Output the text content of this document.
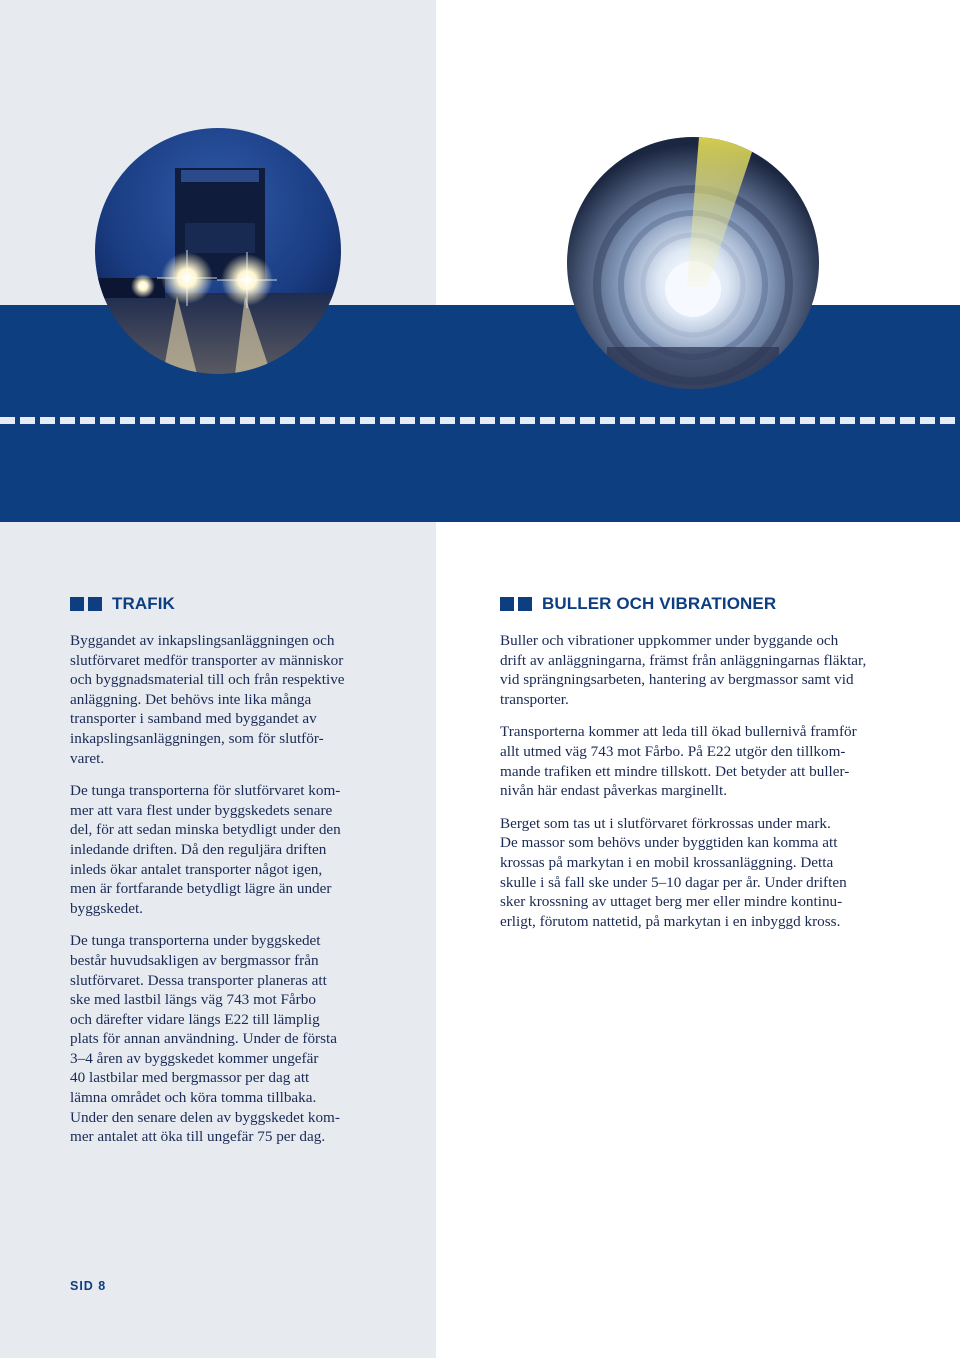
TRAFIK	BULLER OCH VIBRATIONER

Byggandet av inkapslingsanläggningen och
slutförvaret medför transporter av människor
och byggnadsmaterial till och från respektive
anläggning. Det behövs inte lika många
transporter i samband med byggandet av
inkapslingsanläggningen, som för slutför-
varet.

De tunga transporterna för slutförvaret kom-
mer att vara flest under byggskedets senare
del, för att sedan minska betydligt under den
inledande driften. Då den reguljära driften
inleds ökar antalet transporter något igen,
men är fortfarande betydligt lägre än under
byggskedet.

De tunga transporterna under byggskedet
består huvudsakligen av bergmassor från
slutförvaret. Dessa transporter planeras att
ske med lastbil längs väg 743 mot Fårbo
och därefter vidare längs E22 till lämplig
plats för annan användning. Under de första
3–4 åren av byggskedet kommer ungefär
40 lastbilar med bergmassor per dag att
lämna området och köra tomma tillbaka.
Under den senare delen av byggskedet kom-
mer antalet att öka till ungefär 75 per dag.

Buller och vibrationer uppkommer under byggande och
drift av anläggningarna, främst från anläggningarnas fläktar,
vid sprängningsarbeten, hantering av bergmassor samt vid
transporter.

Transporterna kommer att leda till ökad bullernivå framför
allt utmed väg 743 mot Fårbo. På E22 utgör den tillkom-
mande trafiken ett mindre tillskott. Det betyder att buller-
nivån här endast påverkas marginellt.

Berget som tas ut i slutförvaret förkrossas under mark.
De massor som behövs under byggtiden kan komma att
krossas på markytan i en mobil krossanläggning. Detta
skulle i så fall ske under 5–10 dagar per år. Under driften
sker krossning av uttaget berg mer eller mindre kontinu-
erligt, förutom nattetid, på markytan i en inbyggd kross.

SID 8
